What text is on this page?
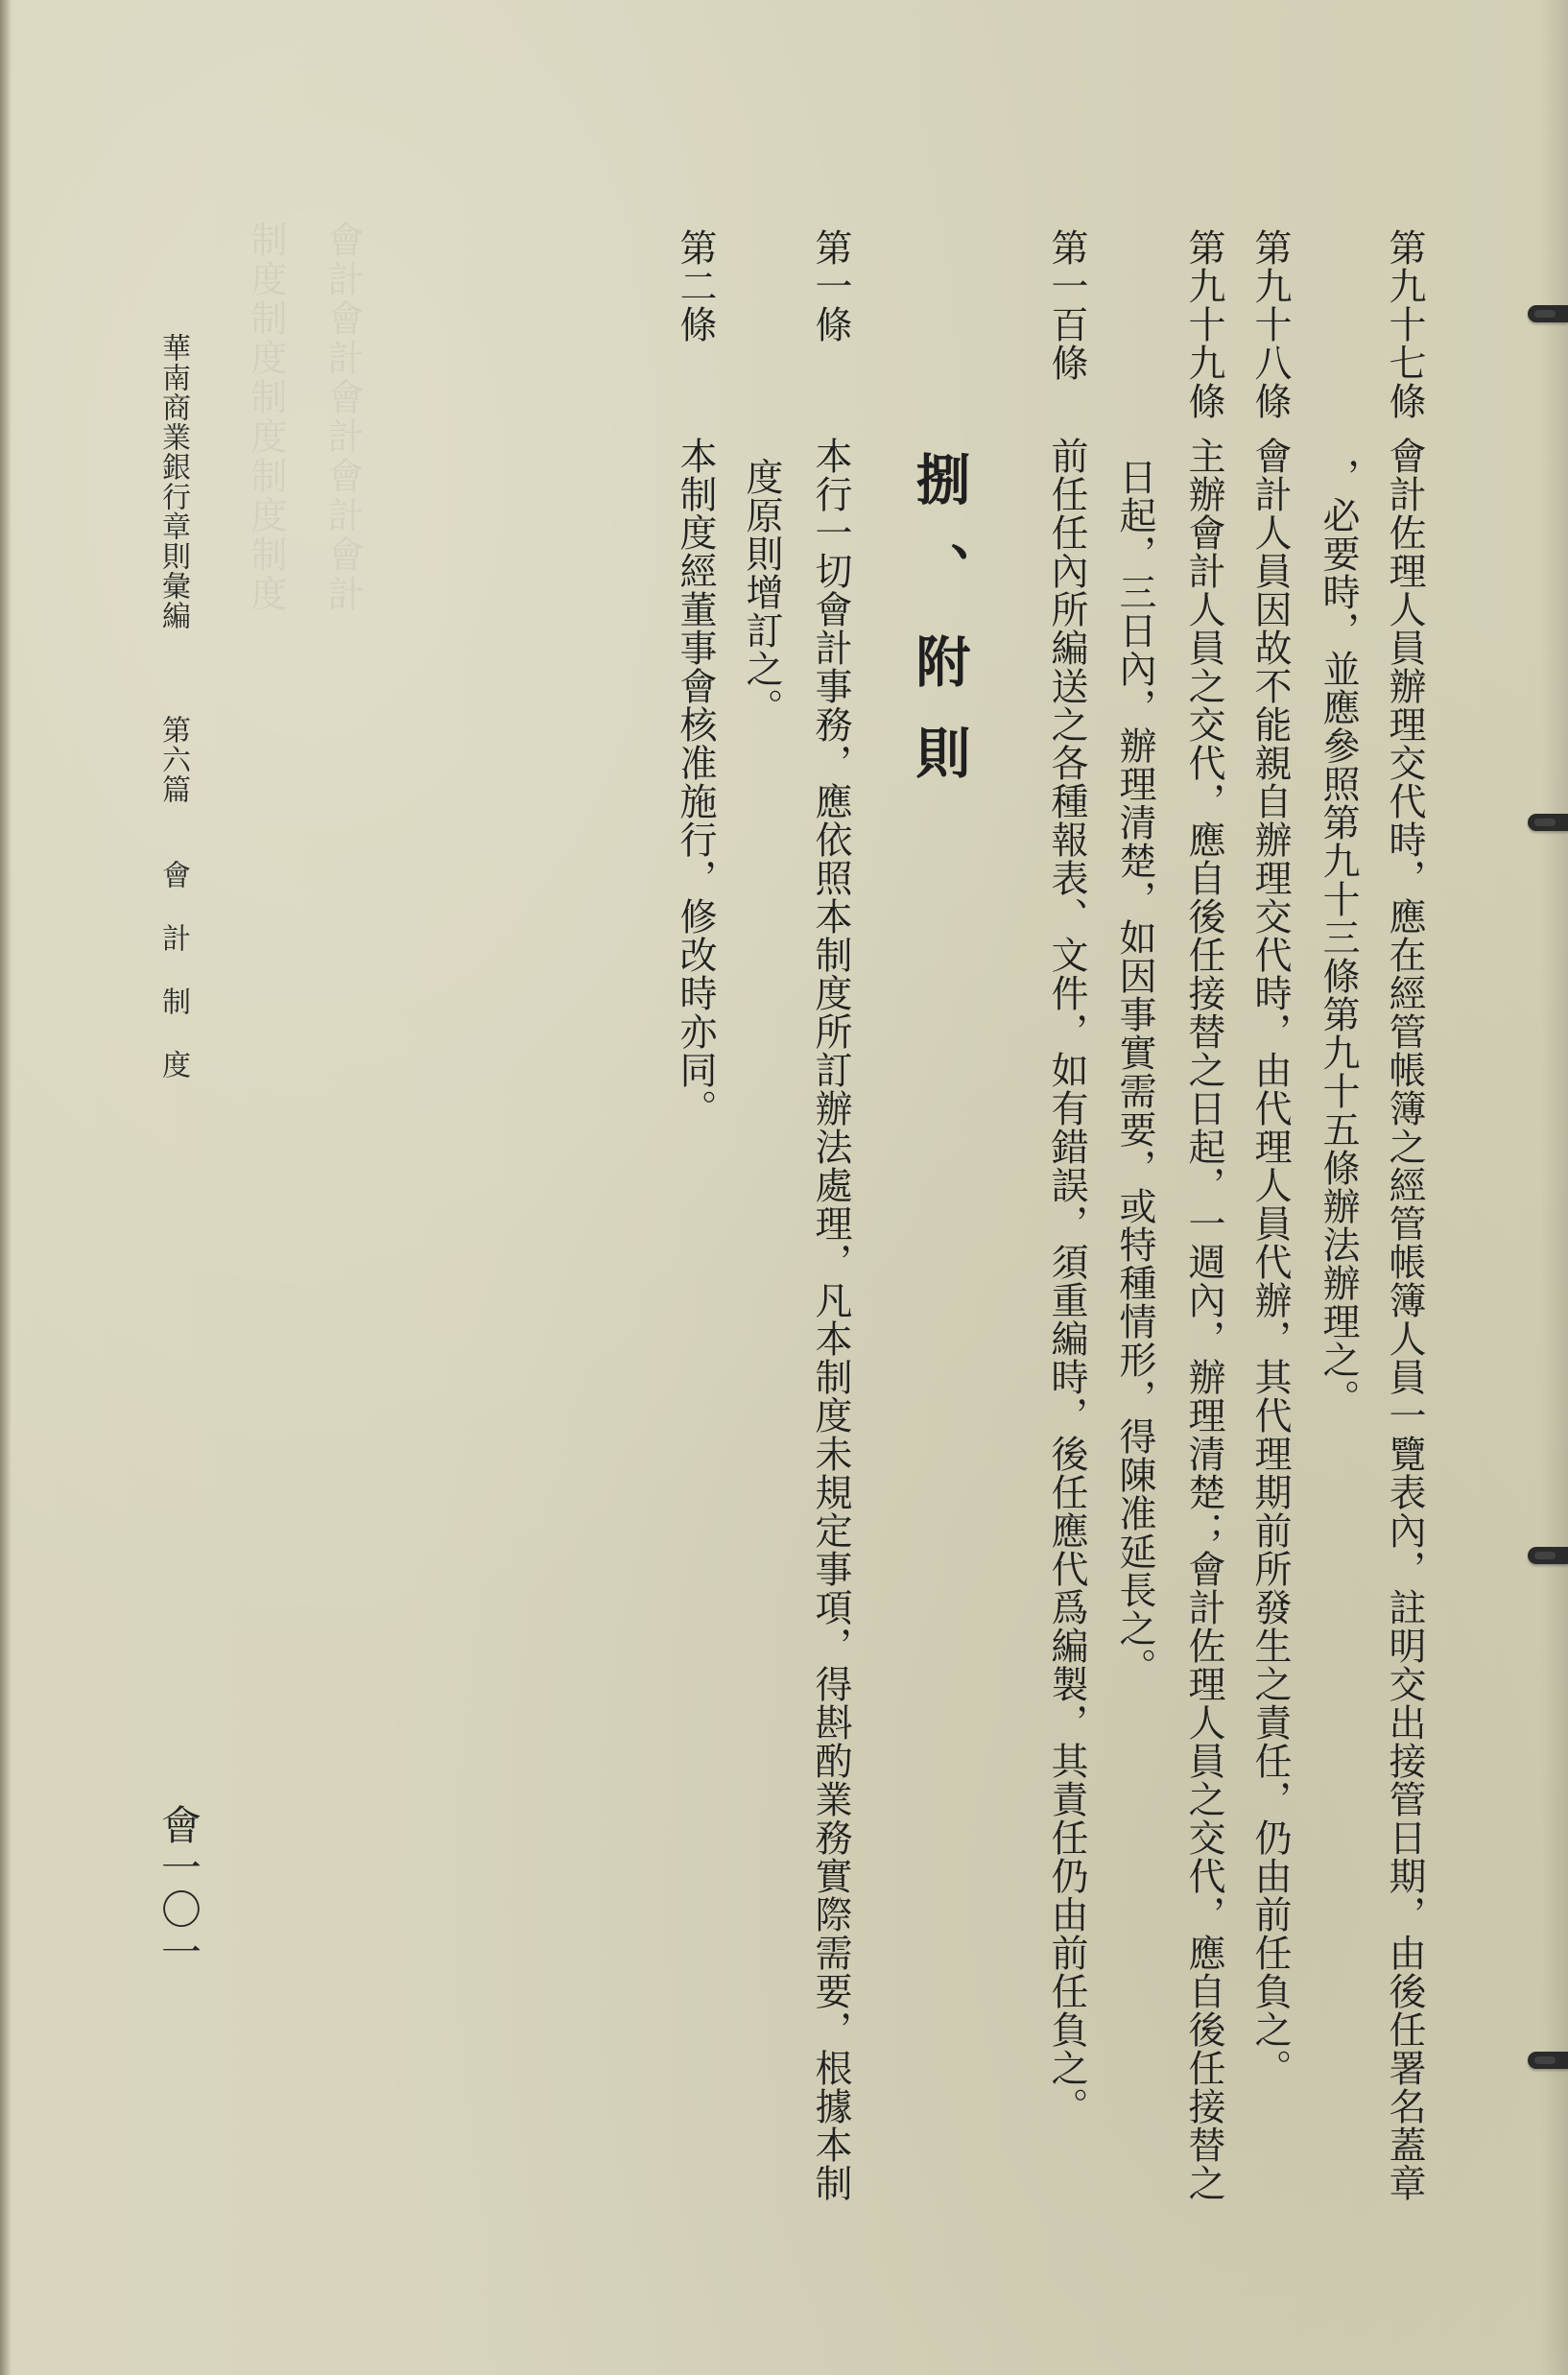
會計會計會計會計會計
制度制度制度制度制度	第九十七條
會計佐理人員辦理交代時，應在經管帳簿之經管帳簿人員一覽表內，註明交出接管日期，由後任署名蓋章
，必要時，並應參照第九十三條第九十五條辦法辦理之。
第九十八條
會計人員因故不能親自辦理交代時，由代理人員代辦，其代理期前所發生之責任，仍由前任負之。
第九十九條
主辦會計人員之交代，應自後任接替之日起，一週內，辦理清楚；會計佐理人員之交代，應自後任接替之
日起，三日內，辦理清楚，如因事實需要，或特種情形，得陳准延長之。
第一百條
前任任內所編送之各種報表、文件，如有錯誤，須重編時，後任應代爲編製，其責任仍由前任負之。
捌、附則
第一條
本行一切會計事務，應依照本制度所訂辦法處理，凡本制度未規定事項，得斟酌業務實際需要，根據本制
度原則增訂之。
第二條
本制度經董事會核准施行，修改時亦同。
華南商業銀行章則彙編
第六篇
會計制度
會一〇一
